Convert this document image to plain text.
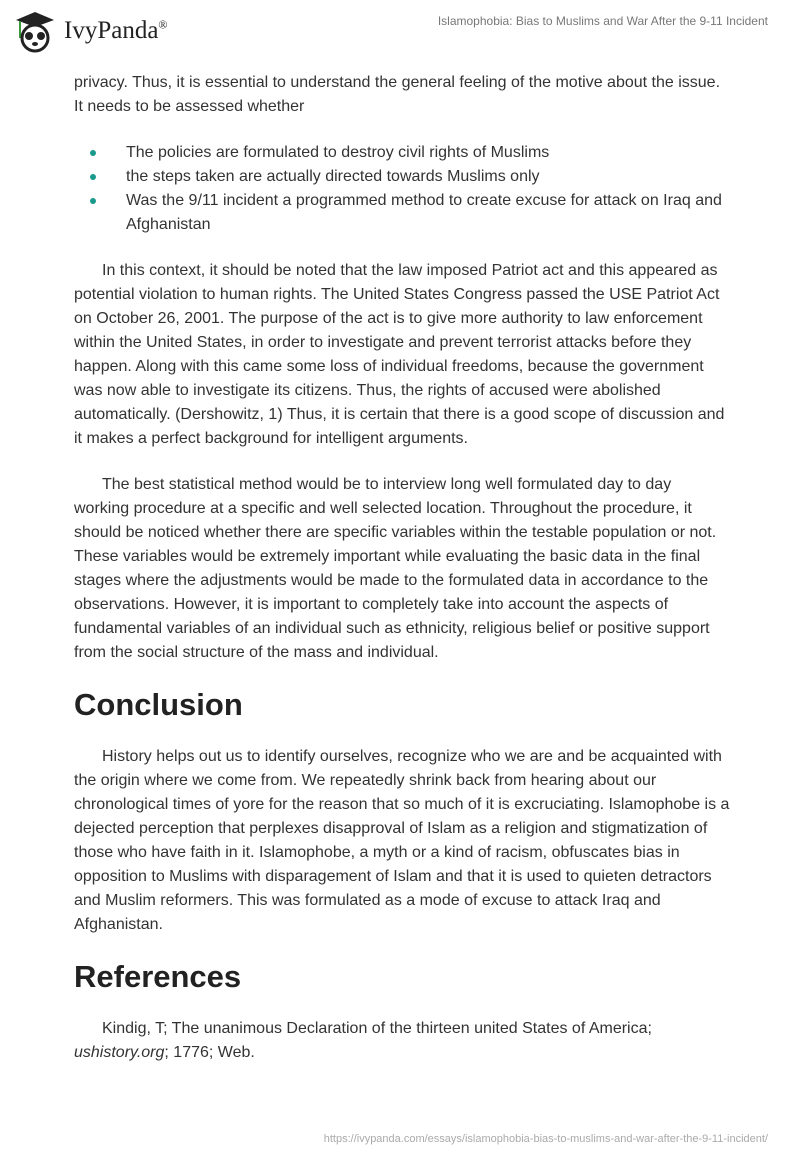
IvyPanda®	Islamophobia: Bias to Muslims and War After the 9-11 Incident

privacy. Thus, it is essential to understand the general feeling of the motive about the issue. It needs to be assessed whether

The policies are formulated to destroy civil rights of Muslims
the steps taken are actually directed towards Muslims only
Was the 9/11 incident a programmed method to create excuse for attack on Iraq and Afghanistan

In this context, it should be noted that the law imposed Patriot act and this appeared as potential violation to human rights. The United States Congress passed the USE Patriot Act on October 26, 2001. The purpose of the act is to give more authority to law enforcement within the United States, in order to investigate and prevent terrorist attacks before they happen. Along with this came some loss of individual freedoms, because the government was now able to investigate its citizens. Thus, the rights of accused were abolished automatically. (Dershowitz, 1) Thus, it is certain that there is a good scope of discussion and it makes a perfect background for intelligent arguments.

The best statistical method would be to interview long well formulated day to day working procedure at a specific and well selected location. Throughout the procedure, it should be noticed whether there are specific variables within the testable population or not. These variables would be extremely important while evaluating the basic data in the final stages where the adjustments would be made to the formulated data in accordance to the observations. However, it is important to completely take into account the aspects of fundamental variables of an individual such as ethnicity, religious belief or positive support from the social structure of the mass and individual.

Conclusion

History helps out us to identify ourselves, recognize who we are and be acquainted with the origin where we come from. We repeatedly shrink back from hearing about our chronological times of yore for the reason that so much of it is excruciating. Islamophobe is a dejected perception that perplexes disapproval of Islam as a religion and stigmatization of those who have faith in it. Islamophobe, a myth or a kind of racism, obfuscates bias in opposition to Muslims with disparagement of Islam and that it is used to quieten detractors and Muslim reformers. This was formulated as a mode of excuse to attack Iraq and Afghanistan.

References

Kindig, T; The unanimous Declaration of the thirteen united States of America; ushistory.org; 1776; Web.

https://ivypanda.com/essays/islamophobia-bias-to-muslims-and-war-after-the-9-11-incident/
